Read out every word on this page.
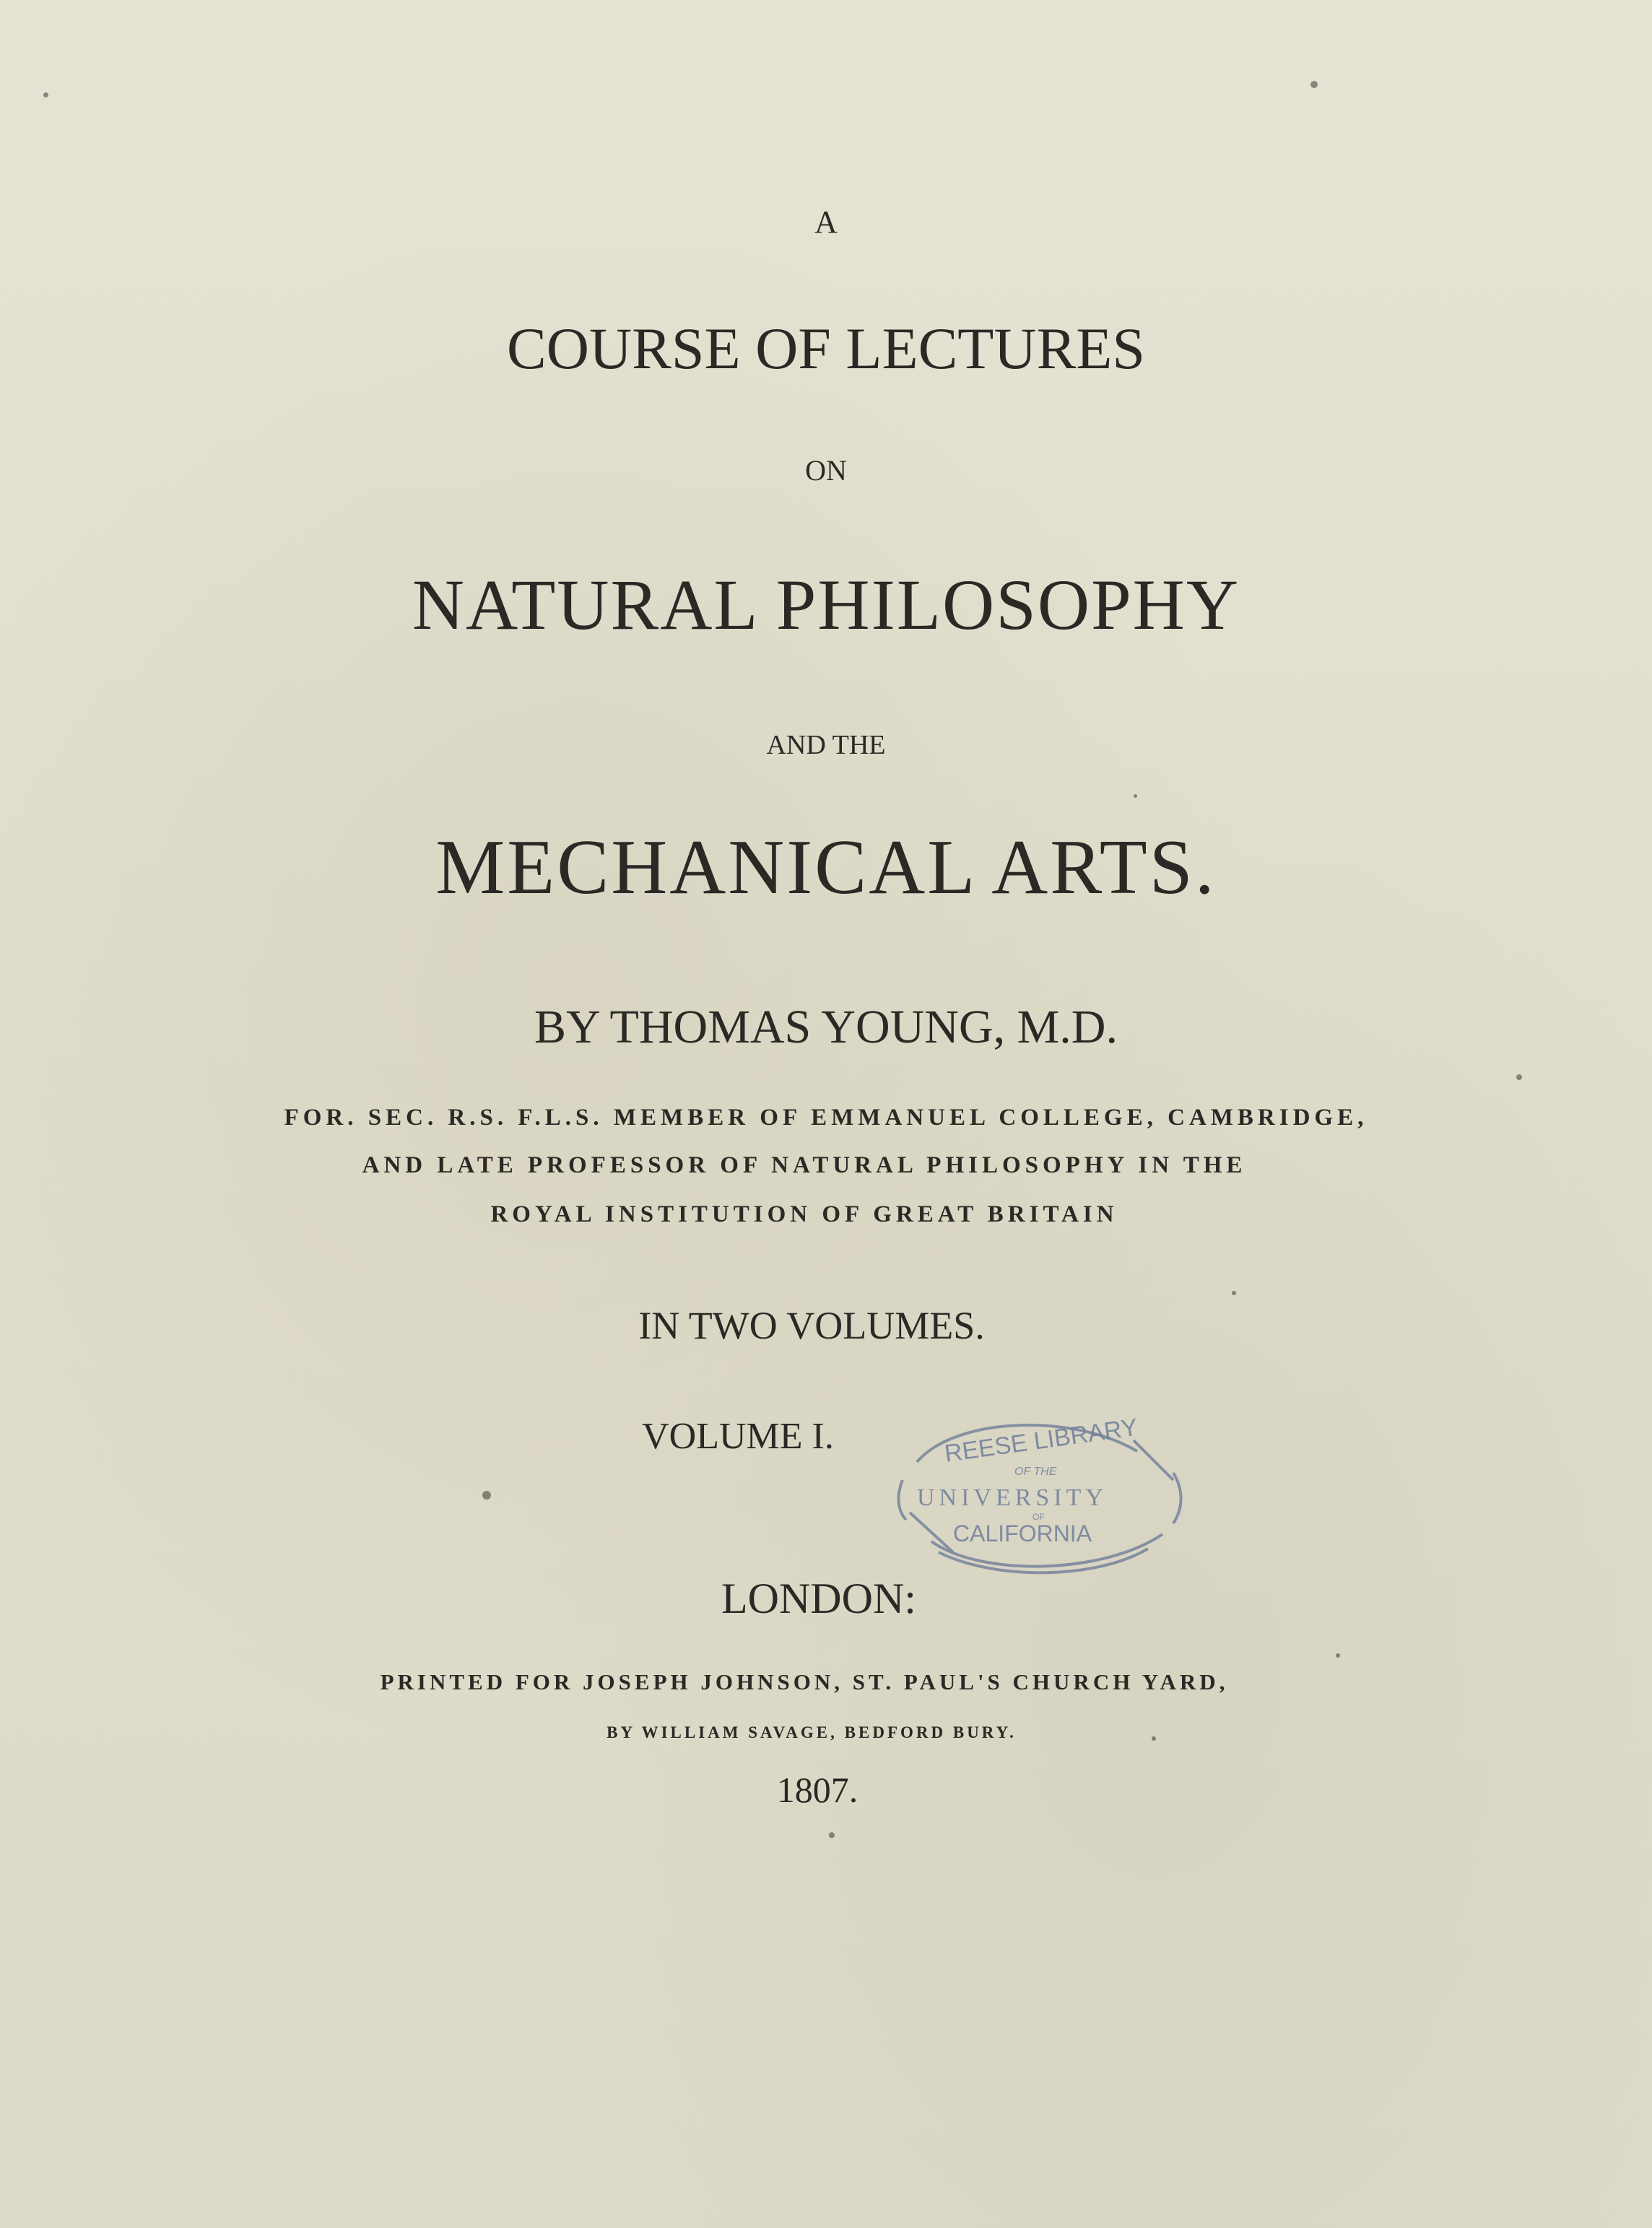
A
COURSE OF LECTURES
ON
NATURAL PHILOSOPHY
AND THE
MECHANICAL ARTS.
BY THOMAS YOUNG, M.D.
FOR. SEC. R.S. F.L.S. MEMBER OF EMMANUEL COLLEGE, CAMBRIDGE,
AND LATE PROFESSOR OF NATURAL PHILOSOPHY IN THE
ROYAL INSTITUTION OF GREAT BRITAIN
IN TWO VOLUMES.
VOLUME I.	REESE LIBRARY
OF THE
UNIVERSITY
OF
CALIFORNIA
LONDON:
PRINTED FOR JOSEPH JOHNSON, ST. PAUL'S CHURCH YARD,
BY WILLIAM SAVAGE, BEDFORD BURY.
1807.
